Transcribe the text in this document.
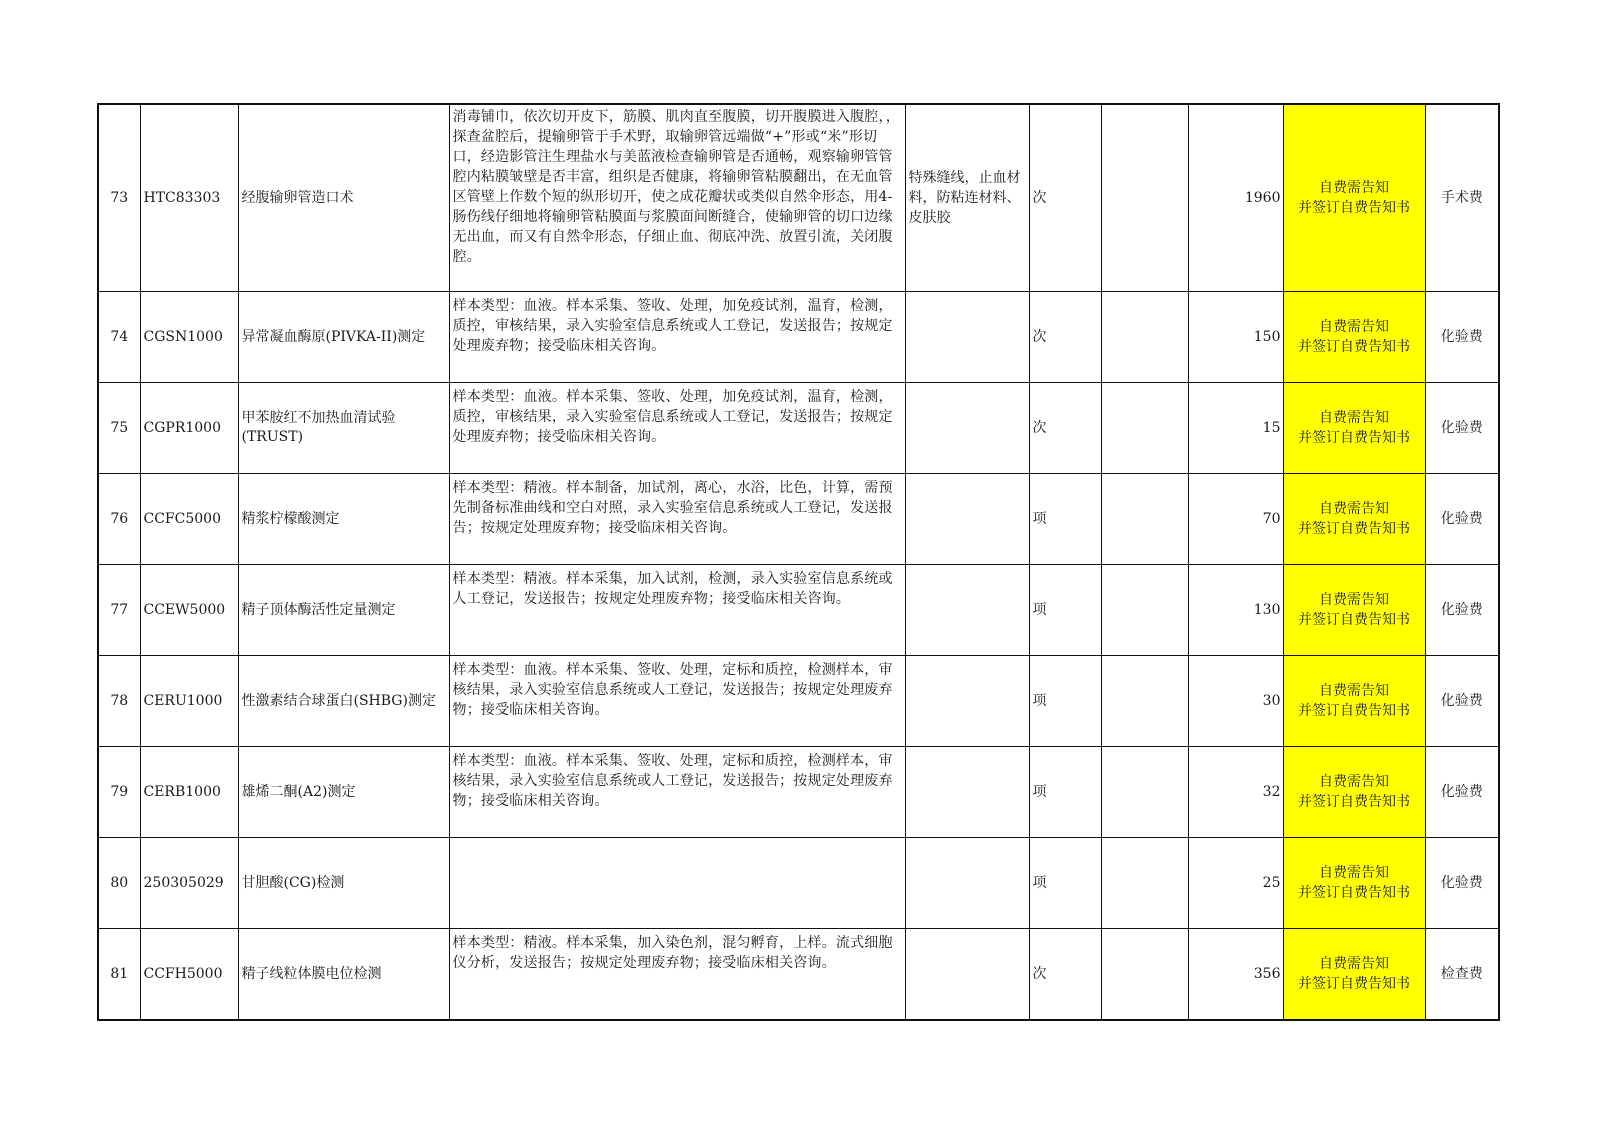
73	HTC83303	经腹输卵管造口术	消毒铺巾，依次切开皮下，筋膜、肌肉直至腹膜，切开腹膜进入腹腔，，探查盆腔后，提输卵管于手术野，取输卵管远端做“+”形或“米”形切口，经造影管注生理盐水与美蓝液检查输卵管是否通畅，观察输卵管管腔内粘膜皱壁是否丰富，组织是否健康，将输卵管粘膜翻出，在无血管区管壁上作数个短的纵形切开，使之成花瓣状或类似自然伞形态，用4-肠伤线仔细地将输卵管粘膜面与浆膜面间断缝合，使输卵管的切口边缘无出血，而又有自然伞形态，仔细止血、彻底冲洗、放置引流，关闭腹腔。	特殊缝线，止血材料，防粘连材料、皮肤胶	次		1960	自费需告知
并签订自费告知书	手术费
74	CGSN1000	异常凝血酶原(PIVKA-II)测定	样本类型：血液。样本采集、签收、处理，加免疫试剂，温育，检测，质控，审核结果，录入实验室信息系统或人工登记，发送报告；按规定处理废弃物；接受临床相关咨询。		次		150	自费需告知
并签订自费告知书	化验费
75	CGPR1000	甲苯胺红不加热血清试验(TRUST)	样本类型：血液。样本采集、签收、处理，加免疫试剂，温育，检测，质控，审核结果，录入实验室信息系统或人工登记，发送报告；按规定处理废弃物；接受临床相关咨询。		次		15	自费需告知
并签订自费告知书	化验费
76	CCFC5000	精浆柠檬酸测定	样本类型：精液。样本制备，加试剂，离心，水浴，比色，计算，需预先制备标准曲线和空白对照，录入实验室信息系统或人工登记，发送报告；按规定处理废弃物；接受临床相关咨询。		项		70	自费需告知
并签订自费告知书	化验费
77	CCEW5000	精子顶体酶活性定量测定	样本类型：精液。样本采集，加入试剂，检测，录入实验室信息系统或人工登记，发送报告；按规定处理废弃物；接受临床相关咨询。		项		130	自费需告知
并签订自费告知书	化验费
78	CERU1000	性激素结合球蛋白(SHBG)测定	样本类型：血液。样本采集、签收、处理，定标和质控，检测样本，审核结果，录入实验室信息系统或人工登记，发送报告；按规定处理废弃物；接受临床相关咨询。		项		30	自费需告知
并签订自费告知书	化验费
79	CERB1000	雄烯二酮(A2)测定	样本类型：血液。样本采集、签收、处理，定标和质控，检测样本，审核结果，录入实验室信息系统或人工登记，发送报告；按规定处理废弃物；接受临床相关咨询。		项		32	自费需告知
并签订自费告知书	化验费
80	250305029	甘胆酸(CG)检测			项		25	自费需告知
并签订自费告知书	化验费
81	CCFH5000	精子线粒体膜电位检测	样本类型：精液。样本采集，加入染色剂，混匀孵育，上样。流式细胞仪分析，发送报告；按规定处理废弃物；接受临床相关咨询。		次		356	自费需告知
并签订自费告知书	检查费
